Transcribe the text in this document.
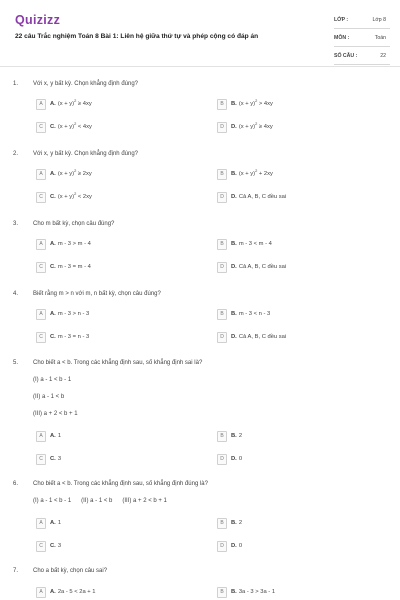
Quizizz
22 câu Trắc nghiệm Toán 8 Bài 1: Liên hệ giữa thứ tự và phép cộng có đáp án
LỚP :	Lớp 8
MÔN :	Toán
SỐ CÂU :	22
1. Với x, y bất kỳ. Chọn khẳng định đúng?
A	A. $(x + y)^2 \ge 4xy$	B	B. $(x + y)^2 > 4xy$
C	C. $(x + y)^2 < 4xy$	D	D. $(x + y)^2 \ge 4xy$
2. Với x, y bất kỳ. Chọn khẳng định đúng?
A	A. $(x + y)^2 \ge 2xy$	B	B. $(x + y)^2 + 2xy$
C	C. $(x + y)^2 < 2xy$	D	D. Cả A, B, C đều sai
3. Cho m bất kỳ, chọn câu đúng?
A	A. m - 3 > m - 4	B	B. m - 3 < m - 4
C	C. m - 3 = m - 4	D	D. Cả A, B, C đều sai
4. Biết rằng m > n với m, n bất kỳ, chọn câu đúng?
A	A. m - 3 > n - 3	B	B. m - 3 < n - 3
C	C. m - 3 = n - 3	D	D. Cả A, B, C đều sai
5. Cho biết a < b. Trong các khẳng định sau, số khẳng định sai là?
(I) a - 1 < b - 1
(II) a - 1 < b
(III) a + 2 < b + 1
A	A. 1	B	B. 2
C	C. 3	D	D. 0
6. Cho biết a < b. Trong các khẳng định sau, số khẳng định đúng là?
(I) a - 1 < b - 1      (II) a - 1 < b      (III) a + 2 < b + 1
A	A. 1	B	B. 2
C	C. 3	D	D. 0
7. Cho a bất kỳ, chọn câu sai?
A	A. 2a - 5 < 2a + 1	B	B. 3a - 3 > 3a - 1
